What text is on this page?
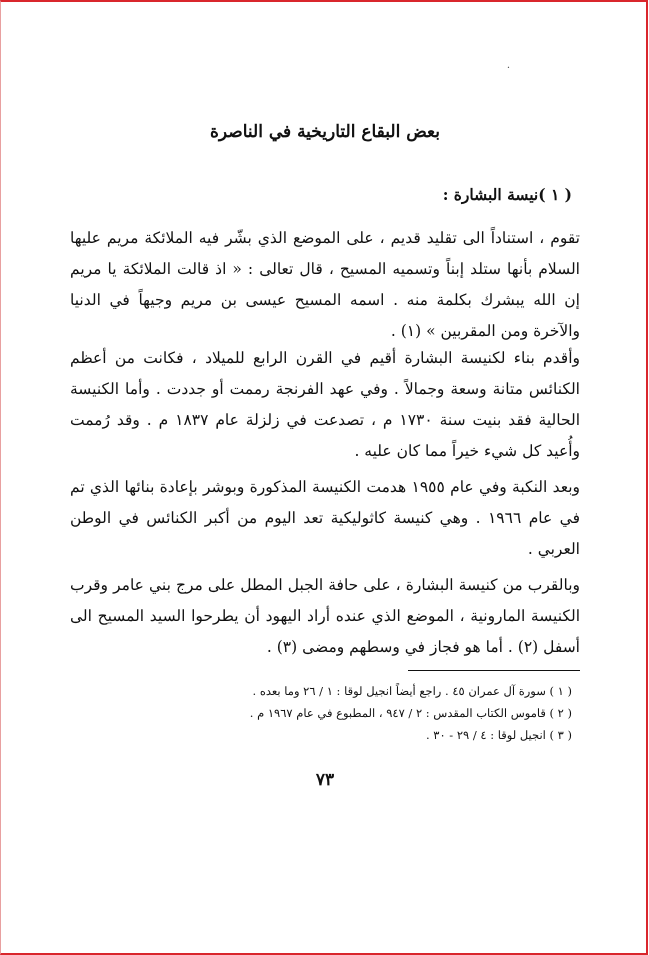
.
بعض البقاع التاريخية في الناصرة
( ١ )نيسة البشارة :

تقوم ، استناداً الى تقليد قديم ، على الموضع الذي بشّر فيه الملائكة مريم عليها السلام بأنها ستلد إبناً وتسميه المسيح ، قال تعالى : « اذ قالت الملائكة يا مريم إن الله يبشرك بكلمة منه . اسمه المسيح عيسى بن مريم وجيهاً في الدنيا والآخرة ومن المقربين » (١) .

وأقدم بناء لكنيسة البشارة أقيم في القرن الرابع للميلاد ، فكانت من أعظم الكنائس متانة وسعة وجمالاً . وفي عهد الفرنجة رممت أو جددت . وأما الكنيسة الحالية فقد بنيت سنة ١٧٣٠ م ، تصدعت في زلزلة عام ١٨٣٧ م . وقد رُممت وأُعيد كل شيء خيراً مما كان عليه .

وبعد النكبة وفي عام ١٩٥٥ هدمت الكنيسة المذكورة وبوشر بإعادة بنائها الذي تم في عام ١٩٦٦ . وهي كنيسة كاثوليكية تعد اليوم من أكبر الكنائس في الوطن العربي .

وبالقرب من كنيسة البشارة ، على حافة الجبل المطل على مرج بني عامر وقرب الكنيسة المارونية ، الموضع الذي عنده أراد اليهود أن يطرحوا السيد المسيح الى أسفل (٢) . أما هو فجاز في وسطهم ومضى (٣) .

( ١ ) سورة آل عمران ٤٥ . راجع أيضاً انجيل لوقا : ١ / ٢٦ وما بعده .
( ٢ ) قاموس الكتاب المقدس : ٢ / ٩٤٧ ، المطبوع في عام ١٩٦٧ م .
( ٣ ) انجيل لوقا : ٤ / ٢٩ - ٣٠ .
٧٣
